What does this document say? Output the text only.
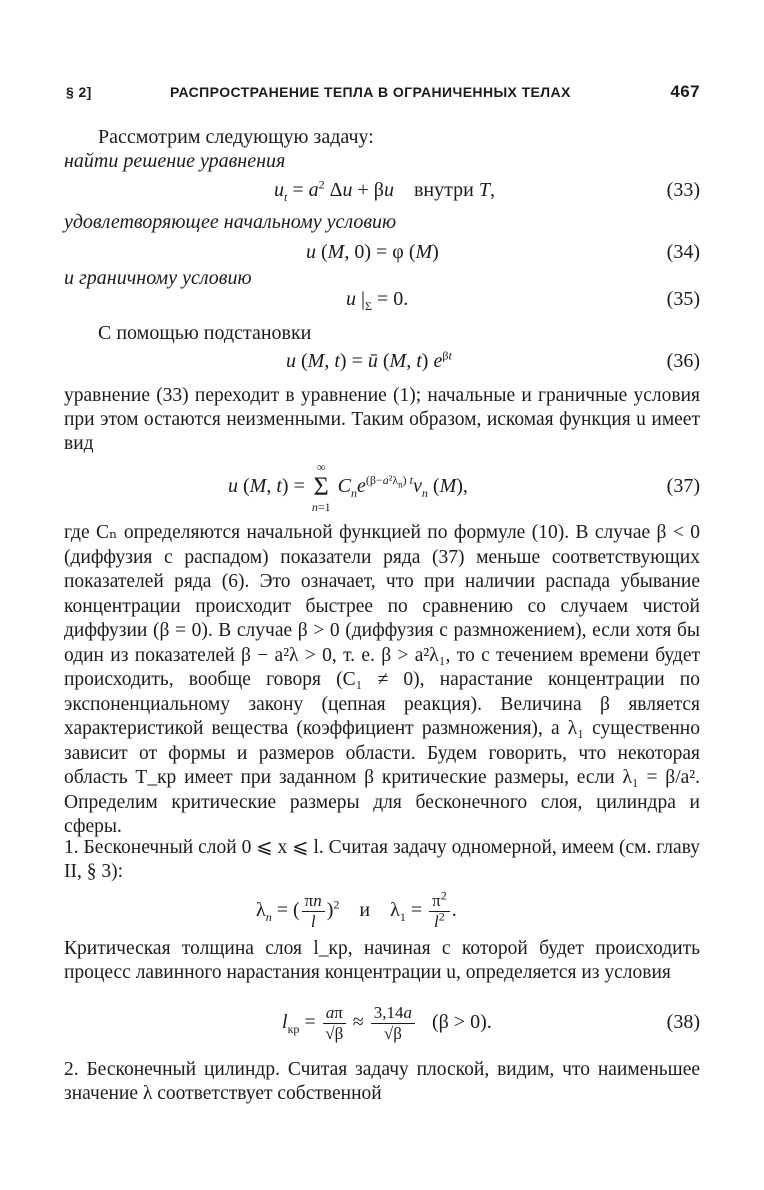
§ 2]	РАСПРОСТРАНЕНИЕ ТЕПЛА В ОГРАНИЧЕННЫХ ТЕЛАХ	467
Рассмотрим следующую задачу:
найти решение уравнения
$u_t = a^2$ Δu + βu    внутри T,	(33)
удовлетворяющее начальному условию
u (M, 0) = φ (M)	(34)
и граничному условию
u $|_\Sigma = 0$.	(35)
С помощью подстановки
u (M, t) = ū (M, t) $e^{\beta t}$	(36)

уравнение (33) переходит в уравнение (1); начальные и граничные условия при этом остаются неизменными. Таким образом, искомая функция u имеет вид

u (M, t) =
∞
Σ
n=1
$C_ne^{(\beta-a^2\lambda_n) t}v_n$ (M),	(37)

где Cₙ определяются начальной функцией по формуле (10). В случае β < 0 (диффузия с распадом) показатели ряда (37) меньше соответствующих показателей ряда (6). Это означает, что при наличии распада убывание концентрации происходит быстрее по сравнению со случаем чистой диффузии (β = 0). В случае β > 0 (диффузия с размножением), если хотя бы один из показателей β − a²λ > 0, т. е. β > a²λ₁, то с течением времени будет происходить, вообще говоря (C₁ ≠ 0), нарастание концентрации по экспоненциальному закону (цепная реакция). Величина β является характеристикой вещества (коэффициент размножения), а λ₁ существенно зависит от формы и размеров области. Будем говорить, что некоторая область T_кр имеет при заданном β критические размеры, если λ₁ = β/a². Определим критические размеры для бесконечного слоя, цилиндра и сферы.

1. Бесконечный слой 0 ⩽ x ⩽ l. Считая задачу одномерной, имеем (см. главу II, § 3):

$\lambda_n$ = ( $\frac{\pi n}{l} )^2$    и    $\lambda_1 = \frac{\pi^2}{l^2}$ .

Критическая толщина слоя l_кр, начиная с которой будет происходить процесс лавинного нарастания концентрации u, определяется из условия

$l_{кр} = \frac{a\pi}{√\beta} \approx \frac{3,14a}{√\beta} (\beta > 0)$.	(38)

2. Бесконечный цилиндр. Считая задачу плоской, видим, что наименьшее значение λ соответствует собственной
